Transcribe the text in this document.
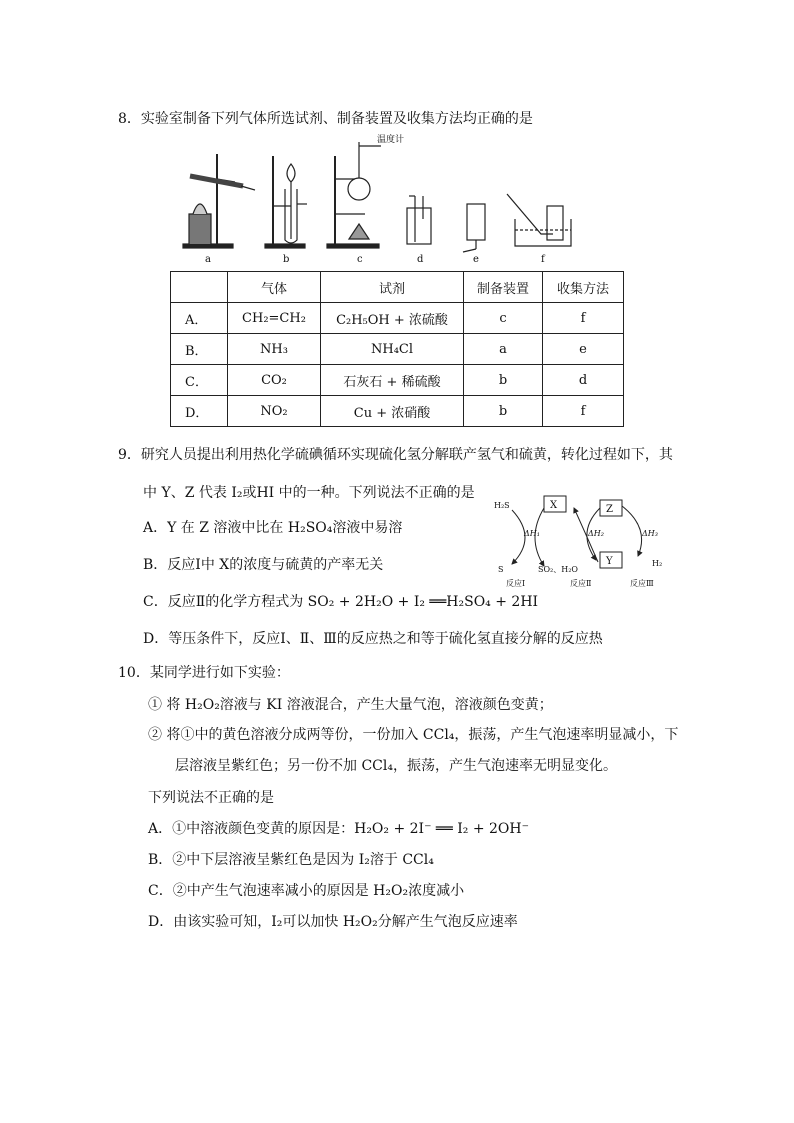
8．实验室制备下列气体所选试剂、制备装置及收集方法均正确的是
温度计
a	b	c	d	e	f
	气体	试剂	制备装置	收集方法
A．	CH₂=CH₂	C₂H₅OH + 浓硫酸	c	f
B．	NH₃	NH₄Cl	a	e
C．	CO₂	石灰石 + 稀硫酸	b	d
D．	NO₂	Cu + 浓硝酸	b	f
9．研究人员提出利用热化学硫碘循环实现硫化氢分解联产氢气和硫黄，转化过程如下，其
中 Y、Z 代表 I₂或HI 中的一种。下列说法不正确的是
A．Y 在 Z 溶液中比在 H₂SO₄溶液中易溶
B．反应Ⅰ中 X的浓度与硫黄的产率无关
C．反应Ⅱ的化学方程式为 SO₂ + 2H₂O + I₂ ══H₂SO₄ + 2HI
D．等压条件下，反应Ⅰ、Ⅱ、Ⅲ的反应热之和等于硫化氢直接分解的反应热
X	Z
Y
H₂S
S	SO₂、H₂O
H₂
ΔH₁	ΔH₂	ΔH₃
反应Ⅰ	反应Ⅱ	反应Ⅲ
10．某同学进行如下实验：
① 将 H₂O₂溶液与 KI 溶液混合，产生大量气泡，溶液颜色变黄；
② 将①中的黄色溶液分成两等份，一份加入 CCl₄，振荡，产生气泡速率明显减小，下
层溶液呈紫红色；另一份不加 CCl₄，振荡，产生气泡速率无明显变化。
下列说法不正确的是
A．①中溶液颜色变黄的原因是：H₂O₂ + 2I⁻ ══ I₂ + 2OH⁻
B．②中下层溶液呈紫红色是因为 I₂溶于 CCl₄
C．②中产生气泡速率减小的原因是 H₂O₂浓度减小
D．由该实验可知，I₂可以加快 H₂O₂分解产生气泡反应速率
